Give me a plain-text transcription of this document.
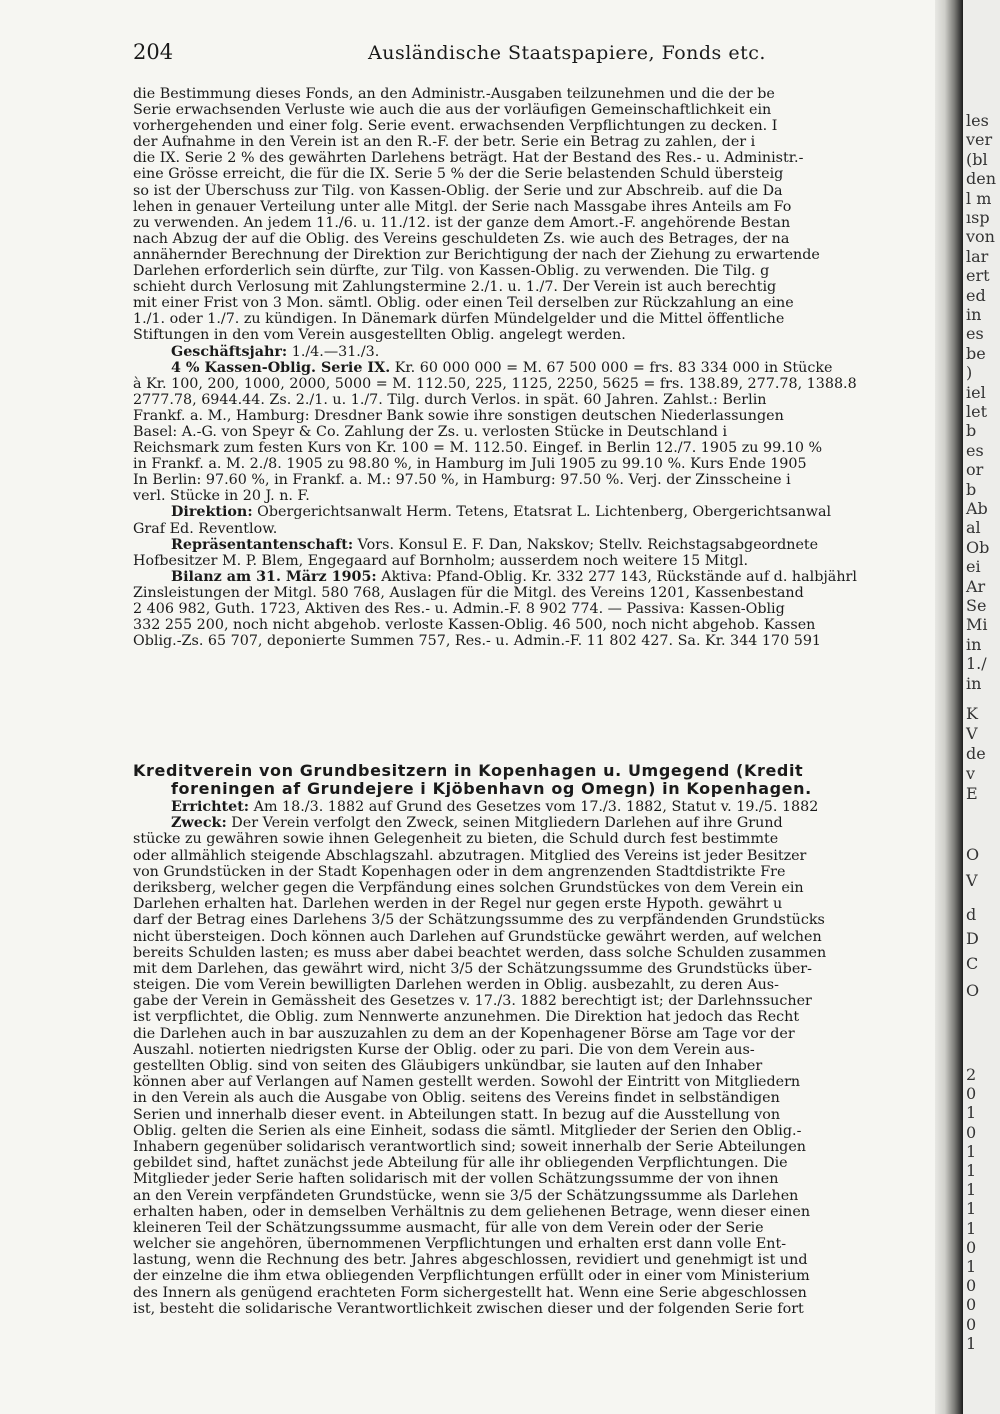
204	Ausländische Staatspapiere, Fonds etc.
die Bestimmung dieses Fonds, an den Administr.-Ausgaben teilzunehmen und die der be
Serie erwachsenden Verluste wie auch die aus der vorläufigen Gemeinschaftlichkeit ein
vorhergehenden und einer folg. Serie event. erwachsenden Verpflichtungen zu decken. I
der Aufnahme in den Verein ist an den R.-F. der betr. Serie ein Betrag zu zahlen, der i
die IX. Serie 2 % des gewährten Darlehens beträgt. Hat der Bestand des Res.- u. Administr.-
eine Grösse erreicht, die für die IX. Serie 5 % der die Serie belastenden Schuld übersteig
so ist der Überschuss zur Tilg. von Kassen-Oblig. der Serie und zur Abschreib. auf die Da
lehen in genauer Verteilung unter alle Mitgl. der Serie nach Massgabe ihres Anteils am Fo
zu verwenden. An jedem 11./6. u. 11./12. ist der ganze dem Amort.-F. angehörende Bestan
nach Abzug der auf die Oblig. des Vereins geschuldeten Zs. wie auch des Betrages, der na
annähernder Berechnung der Direktion zur Berichtigung der nach der Ziehung zu erwartende
Darlehen erforderlich sein dürfte, zur Tilg. von Kassen-Oblig. zu verwenden. Die Tilg. g
schieht durch Verlosung mit Zahlungstermine 2./1. u. 1./7. Der Verein ist auch berechtig
mit einer Frist von 3 Mon. sämtl. Oblig. oder einen Teil derselben zur Rückzahlung an eine
1./1. oder 1./7. zu kündigen. In Dänemark dürfen Mündelgelder und die Mittel öffentliche
Stiftungen in den vom Verein ausgestellten Oblig. angelegt werden.
Geschäftsjahr: 1./4.—31./3.
4 % Kassen-Oblig. Serie IX. Kr. 60 000 000 = M. 67 500 000 = frs. 83 334 000 in Stücke
à Kr. 100, 200, 1000, 2000, 5000 = M. 112.50, 225, 1125, 2250, 5625 = frs. 138.89, 277.78, 1388.8
2777.78, 6944.44. Zs. 2./1. u. 1./7. Tilg. durch Verlos. in spät. 60 Jahren. Zahlst.: Berlin
Frankf. a. M., Hamburg: Dresdner Bank sowie ihre sonstigen deutschen Niederlassungen
Basel: A.-G. von Speyr & Co. Zahlung der Zs. u. verlosten Stücke in Deutschland i
Reichsmark zum festen Kurs von Kr. 100 = M. 112.50. Eingef. in Berlin 12./7. 1905 zu 99.10 %
in Frankf. a. M. 2./8. 1905 zu 98.80 %, in Hamburg im Juli 1905 zu 99.10 %. Kurs Ende 1905
In Berlin: 97.60 %, in Frankf. a. M.: 97.50 %, in Hamburg: 97.50 %. Verj. der Zinsscheine i
verl. Stücke in 20 J. n. F.
Direktion: Obergerichtsanwalt Herm. Tetens, Etatsrat L. Lichtenberg, Obergerichtsanwal
Graf Ed. Reventlow.
Repräsentantenschaft: Vors. Konsul E. F. Dan, Nakskov; Stellv. Reichstagsabgeordnete
Hofbesitzer M. P. Blem, Engegaard auf Bornholm; ausserdem noch weitere 15 Mitgl.
Bilanz am 31. März 1905: Aktiva: Pfand-Oblig. Kr. 332 277 143, Rückstände auf d. halbjährl
Zinsleistungen der Mitgl. 580 768, Auslagen für die Mitgl. des Vereins 1201, Kassenbestand
2 406 982, Guth. 1723, Aktiven des Res.- u. Admin.-F. 8 902 774. — Passiva: Kassen-Oblig
332 255 200, noch nicht abgehob. verloste Kassen-Oblig. 46 500, noch nicht abgehob. Kassen
Oblig.-Zs. 65 707, deponierte Summen 757, Res.- u. Admin.-F. 11 802 427. Sa. Kr. 344 170 591
Kreditverein von Grundbesitzern in Kopenhagen u. Umgegend (Kredit
foreningen af Grundejere i Kjöbenhavn og Omegn) in Kopenhagen.
Errichtet: Am 18./3. 1882 auf Grund des Gesetzes vom 17./3. 1882, Statut v. 19./5. 1882
Zweck: Der Verein verfolgt den Zweck, seinen Mitgliedern Darlehen auf ihre Grund
stücke zu gewähren sowie ihnen Gelegenheit zu bieten, die Schuld durch fest bestimmte
oder allmählich steigende Abschlagszahl. abzutragen. Mitglied des Vereins ist jeder Besitzer
von Grundstücken in der Stadt Kopenhagen oder in dem angrenzenden Stadtdistrikte Fre
deriksberg, welcher gegen die Verpfändung eines solchen Grundstückes von dem Verein ein
Darlehen erhalten hat. Darlehen werden in der Regel nur gegen erste Hypoth. gewährt u
darf der Betrag eines Darlehens 3/5 der Schätzungssumme des zu verpfändenden Grundstücks
nicht übersteigen. Doch können auch Darlehen auf Grundstücke gewährt werden, auf welchen
bereits Schulden lasten; es muss aber dabei beachtet werden, dass solche Schulden zusammen
mit dem Darlehen, das gewährt wird, nicht 3/5 der Schätzungssumme des Grundstücks über-
steigen. Die vom Verein bewilligten Darlehen werden in Oblig. ausbezahlt, zu deren Aus-
gabe der Verein in Gemässheit des Gesetzes v. 17./3. 1882 berechtigt ist; der Darlehnssucher
ist verpflichtet, die Oblig. zum Nennwerte anzunehmen. Die Direktion hat jedoch das Recht
die Darlehen auch in bar auszuzahlen zu dem an der Kopenhagener Börse am Tage vor der
Auszahl. notierten niedrigsten Kurse der Oblig. oder zu pari. Die von dem Verein aus-
gestellten Oblig. sind von seiten des Gläubigers unkündbar, sie lauten auf den Inhaber
können aber auf Verlangen auf Namen gestellt werden. Sowohl der Eintritt von Mitgliedern
in den Verein als auch die Ausgabe von Oblig. seitens des Vereins findet in selbständigen
Serien und innerhalb dieser event. in Abteilungen statt. In bezug auf die Ausstellung von
Oblig. gelten die Serien als eine Einheit, sodass die sämtl. Mitglieder der Serien den Oblig.-
Inhabern gegenüber solidarisch verantwortlich sind; soweit innerhalb der Serie Abteilungen
gebildet sind, haftet zunächst jede Abteilung für alle ihr obliegenden Verpflichtungen. Die
Mitglieder jeder Serie haften solidarisch mit der vollen Schätzungssumme der von ihnen
an den Verein verpfändeten Grundstücke, wenn sie 3/5 der Schätzungssumme als Darlehen
erhalten haben, oder in demselben Verhältnis zu dem geliehenen Betrage, wenn dieser einen
kleineren Teil der Schätzungssumme ausmacht, für alle von dem Verein oder der Serie
welcher sie angehören, übernommenen Verpflichtungen und erhalten erst dann volle Ent-
lastung, wenn die Rechnung des betr. Jahres abgeschlossen, revidiert und genehmigt ist und
der einzelne die ihm etwa obliegenden Verpflichtungen erfüllt oder in einer vom Ministerium
des Innern als genügend erachteten Form sichergestellt hat. Wenn eine Serie abgeschlossen
ist, besteht die solidarische Verantwortlichkeit zwischen dieser und der folgenden Serie fort
les
ver
(bl
den
l m
ısp
von
lar
ert
ed
in
es
be
)
iel
let
b
es
or
b
Ab
al
Ob
ei
Ar
Se
Mi
in
1./
in
K
V
de
v
E
O
V
d
D
C
O
2
0
1
0
1
1
1
1
1
0
1
0
0
0
1
